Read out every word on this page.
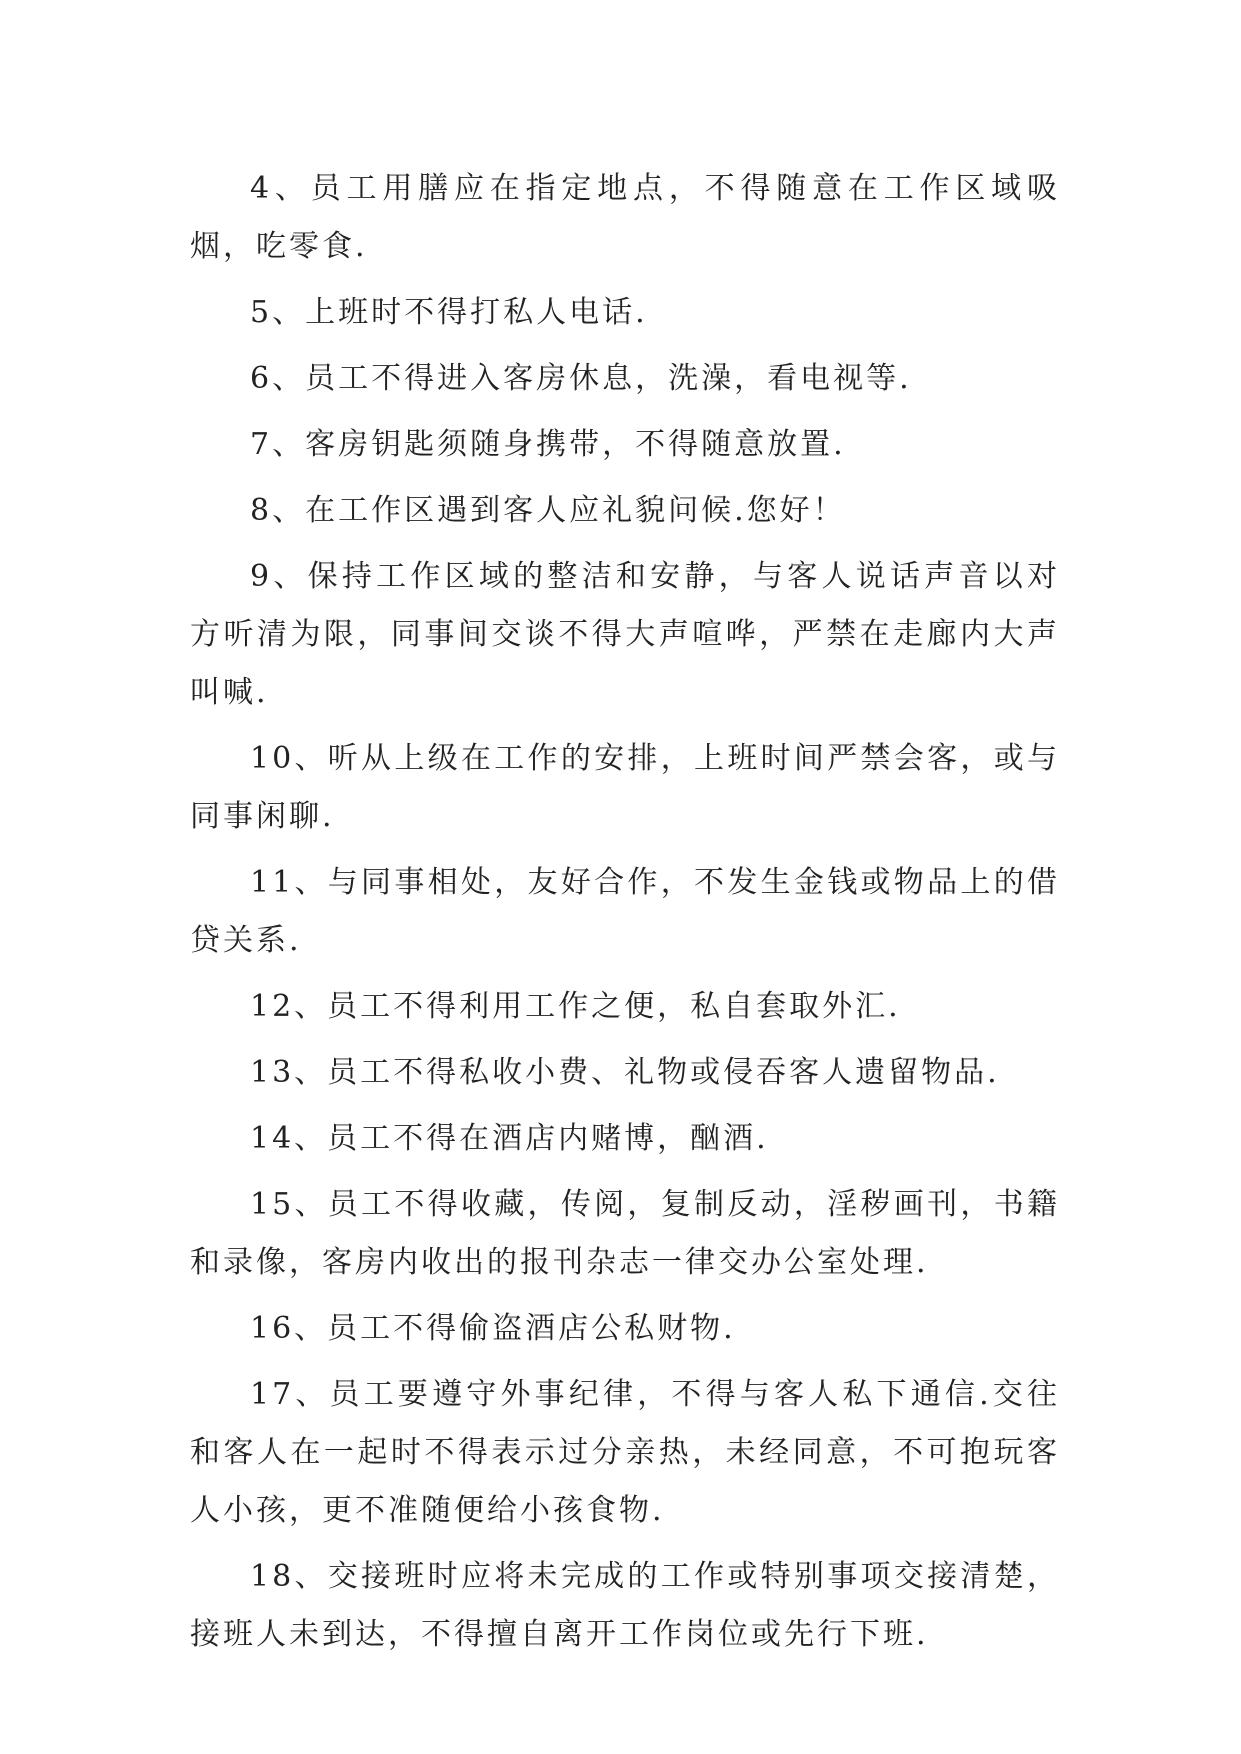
4、员工用膳应在指定地点，不得随意在工作区域吸烟，吃零食.

5、上班时不得打私人电话.

6、员工不得进入客房休息，洗澡，看电视等.

7、客房钥匙须随身携带，不得随意放置.

8、在工作区遇到客人应礼貌问候.您好！

9、保持工作区域的整洁和安静，与客人说话声音以对方听清为限，同事间交谈不得大声喧哗，严禁在走廊内大声叫喊.

10、听从上级在工作的安排，上班时间严禁会客，或与同事闲聊.

11、与同事相处，友好合作，不发生金钱或物品上的借贷关系.

12、员工不得利用工作之便，私自套取外汇.

13、员工不得私收小费、礼物或侵吞客人遗留物品.

14、员工不得在酒店内赌博，酗酒.

15、员工不得收藏，传阅，复制反动，淫秽画刊，书籍和录像，客房内收出的报刊杂志一律交办公室处理.

16、员工不得偷盗酒店公私财物.

17、员工要遵守外事纪律，不得与客人私下通信.交往和客人在一起时不得表示过分亲热，未经同意，不可抱玩客人小孩，更不准随便给小孩食物.

18、交接班时应将未完成的工作或特别事项交接清楚，接班人未到达，不得擅自离开工作岗位或先行下班.
